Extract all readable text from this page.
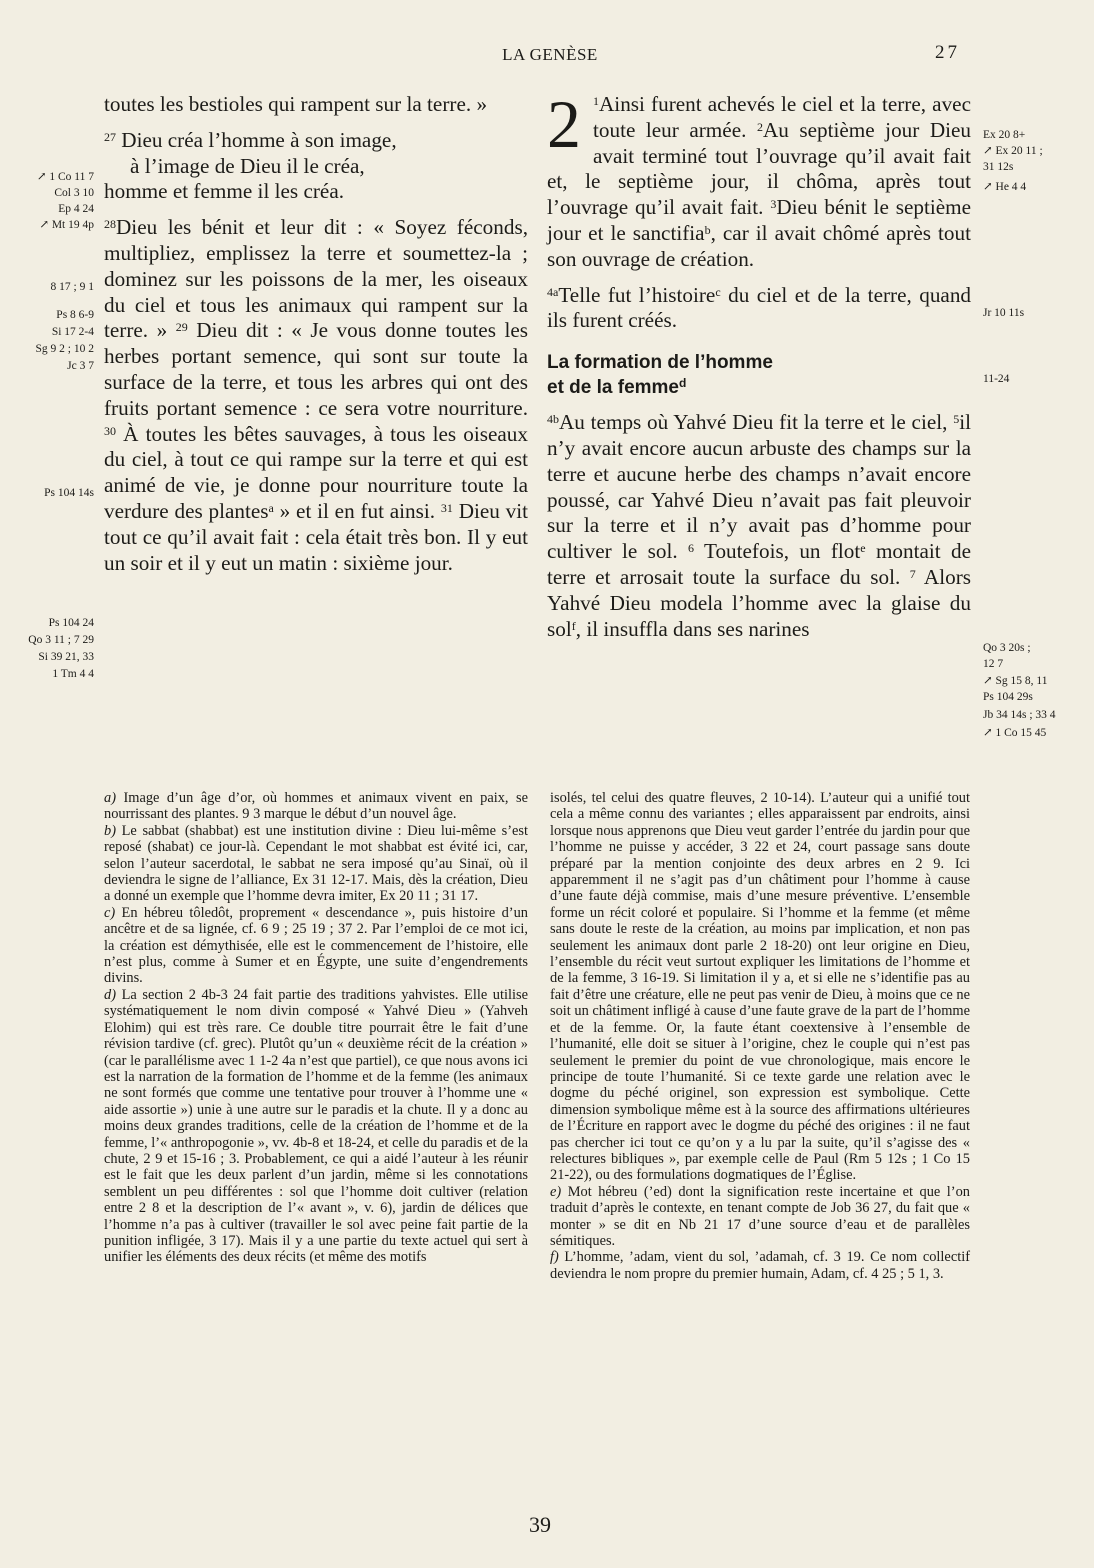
LA GENÈSE	27

toutes les bestioles qui rampent sur la terre. »

$^{27}$ Dieu créa l’homme à son image,
à l’image de Dieu il le créa,
homme et femme il les créa.

$^{28}$Dieu les bénit et leur dit : « Soyez féconds, multipliez, emplissez la terre et soumettez-la ; dominez sur les poissons de la mer, les oiseaux du ciel et tous les animaux qui rampent sur la terre. » $^{29}$ Dieu dit : « Je vous donne toutes les herbes portant semence, qui sont sur toute la surface de la terre, et tous les arbres qui ont des fruits portant semence : ce sera votre nourriture. $^{30}$ À toutes les bêtes sauvages, à tous les oiseaux du ciel, à tout ce qui rampe sur la terre et qui est animé de vie, je donne pour nourriture toute la verdure des plantes$^a$ » et il en fut ainsi. $^{31}$ Dieu vit tout ce qu’il avait fait : cela était très bon. Il y eut un soir et il y eut un matin : sixième jour.

↗ 1 Co 11 7
Col 3 10
Ep 4 24
↗ Mt 19 4p
8 17 ; 9 1
Ps 8 6-9
Si 17 2-4
Sg 9 2 ; 10 2
Jc 3 7
Ps 104 14s
Ps 104 24
Qo 3 11 ; 7 29
Si 39 21, 33
1 Tm 4 4

2 $^1$Ainsi furent achevés le ciel et la terre, avec toute leur armée. $^2$Au septième jour Dieu avait terminé tout l’ouvrage qu’il avait fait et, le septième jour, il chôma, après tout l’ouvrage qu’il avait fait. $^3$Dieu bénit le septième jour et le sanctifia$^b$, car il avait chômé après tout son ouvrage de création.

$^{4a}$Telle fut l’histoire$^c$ du ciel et de la terre, quand ils furent créés.

La formation de l’homme
et de la femme$^d$

$^{4b}$Au temps où Yahvé Dieu fit la terre et le ciel, $^5$il n’y avait encore aucun arbuste des champs sur la terre et aucune herbe des champs n’avait encore poussé, car Yahvé Dieu n’avait pas fait pleuvoir sur la terre et il n’y avait pas d’homme pour cultiver le sol. $^6$ Toutefois, un flot$^e$ montait de terre et arrosait toute la surface du sol. $^7$ Alors Yahvé Dieu modela l’homme avec la glaise du sol$^f$, il insuffla dans ses narines

Ex 20 8+
↗ Ex 20 11 ;
31 12s
↗ He 4 4
Jr 10 11s
11-24
Qo 3 20s ;
12 7
↗ Sg 15 8, 11
Ps 104 29s
Jb 34 14s ; 33 4
↗ 1 Co 15 45

a) Image d’un âge d’or, où hommes et animaux vivent en paix, se nourrissant des plantes. 9 3 marque le début d’un nouvel âge.

b) Le sabbat (shabbat) est une institution divine : Dieu lui-même s’est reposé (shabat) ce jour-là. Cependant le mot shabbat est évité ici, car, selon l’auteur sacerdotal, le sabbat ne sera imposé qu’au Sinaï, où il deviendra le signe de l’alliance, Ex 31 12-17. Mais, dès la création, Dieu a donné un exemple que l’homme devra imiter, Ex 20 11 ; 31 17.

c) En hébreu tôledôt, proprement « descendance », puis histoire d’un ancêtre et de sa lignée, cf. 6 9 ; 25 19 ; 37 2. Par l’emploi de ce mot ici, la création est démythisée, elle est le commencement de l’histoire, elle n’est plus, comme à Sumer et en Égypte, une suite d’engendrements divins.

d) La section 2 4b-3 24 fait partie des traditions yahvistes. Elle utilise systématiquement le nom divin composé « Yahvé Dieu » (Yahveh Elohim) qui est très rare. Ce double titre pourrait être le fait d’une révision tardive (cf. grec). Plutôt qu’un « deuxième récit de la création » (car le parallélisme avec 1 1-2 4a n’est que partiel), ce que nous avons ici est la narration de la formation de l’homme et de la femme (les animaux ne sont formés que comme une tentative pour trouver à l’homme une « aide assortie ») unie à une autre sur le paradis et la chute. Il y a donc au moins deux grandes traditions, celle de la création de l’homme et de la femme, l’« anthropogonie », vv. 4b-8 et 18-24, et celle du paradis et de la chute, 2 9 et 15-16 ; 3. Probablement, ce qui a aidé l’auteur à les réunir est le fait que les deux parlent d’un jardin, même si les connotations semblent un peu différentes : sol que l’homme doit cultiver (relation entre 2 8 et la description de l’« avant », v. 6), jardin de délices que l’homme n’a pas à cultiver (travailler le sol avec peine fait partie de la punition infligée, 3 17). Mais il y a une partie du texte actuel qui sert à unifier les éléments des deux récits (et même des motifs

isolés, tel celui des quatre fleuves, 2 10-14). L’auteur qui a unifié tout cela a même connu des variantes ; elles apparaissent par endroits, ainsi lorsque nous apprenons que Dieu veut garder l’entrée du jardin pour que l’homme ne puisse y accéder, 3 22 et 24, court passage sans doute préparé par la mention conjointe des deux arbres en 2 9. Ici apparemment il ne s’agit pas d’un châtiment pour l’homme à cause d’une faute déjà commise, mais d’une mesure préventive. L’ensemble forme un récit coloré et populaire. Si l’homme et la femme (et même sans doute le reste de la création, au moins par implication, et non pas seulement les animaux dont parle 2 18-20) ont leur origine en Dieu, l’ensemble du récit veut surtout expliquer les limitations de l’homme et de la femme, 3 16-19. Si limitation il y a, et si elle ne s’identifie pas au fait d’être une créature, elle ne peut pas venir de Dieu, à moins que ce ne soit un châtiment infligé à cause d’une faute grave de la part de l’homme et de la femme. Or, la faute étant coextensive à l’ensemble de l’humanité, elle doit se situer à l’origine, chez le couple qui n’est pas seulement le premier du point de vue chronologique, mais encore le principe de toute l’humanité. Si ce texte garde une relation avec le dogme du péché originel, son expression est symbolique. Cette dimension symbolique même est à la source des affirmations ultérieures de l’Écriture en rapport avec le dogme du péché des origines : il ne faut pas chercher ici tout ce qu’on y a lu par la suite, qu’il s’agisse des « relectures bibliques », par exemple celle de Paul (Rm 5 12s ; 1 Co 15 21-22), ou des formulations dogmatiques de l’Église.

e) Mot hébreu (’ed) dont la signification reste incertaine et que l’on traduit d’après le contexte, en tenant compte de Job 36 27, du fait que « monter » se dit en Nb 21 17 d’une source d’eau et de parallèles sémitiques.

f) L’homme, ’adam, vient du sol, ’adamah, cf. 3 19. Ce nom collectif deviendra le nom propre du premier humain, Adam, cf. 4 25 ; 5 1, 3.

39
